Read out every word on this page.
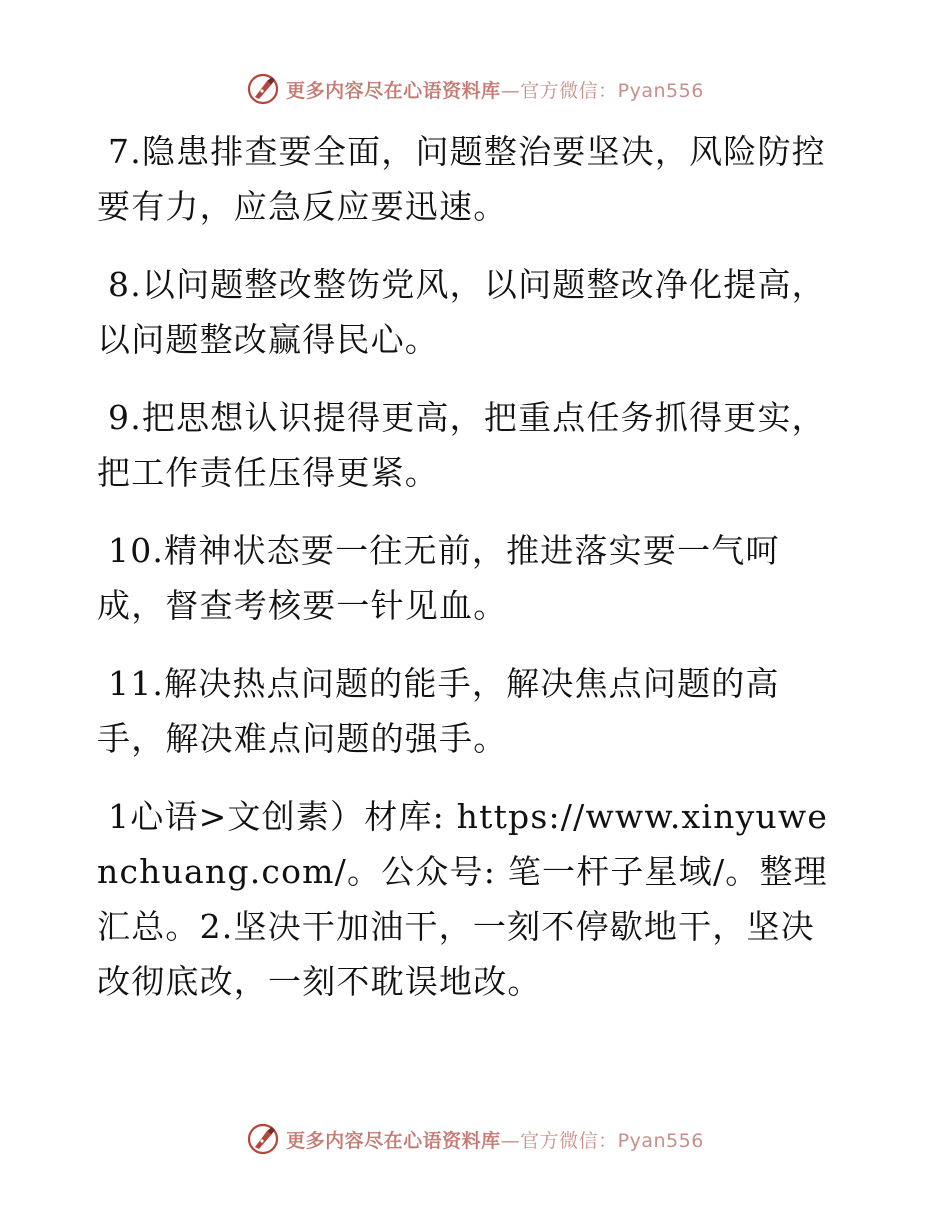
更多内容尽在心语资料库—官方微信：Pyan556

7.隐患排查要全面，问题整治要坚决，风险防控要有力，应急反应要迅速。

8.以问题整改整饬党风，以问题整改净化提高，以问题整改赢得民心。

9.把思想认识提得更高，把重点任务抓得更实，把工作责任压得更紧。

10.精神状态要一往无前，推进落实要一气呵成，督查考核要一针见血。

11.解决热点问题的能手，解决焦点问题的高手，解决难点问题的强手。

1心语>文创素）材库: https://www.xinyuwenchuang.com/。公众号: 笔一杆子星域/。整理汇总。2.坚决干加油干，一刻不停歇地干，坚决改彻底改，一刻不耽误地改。

更多内容尽在心语资料库—官方微信：Pyan556
